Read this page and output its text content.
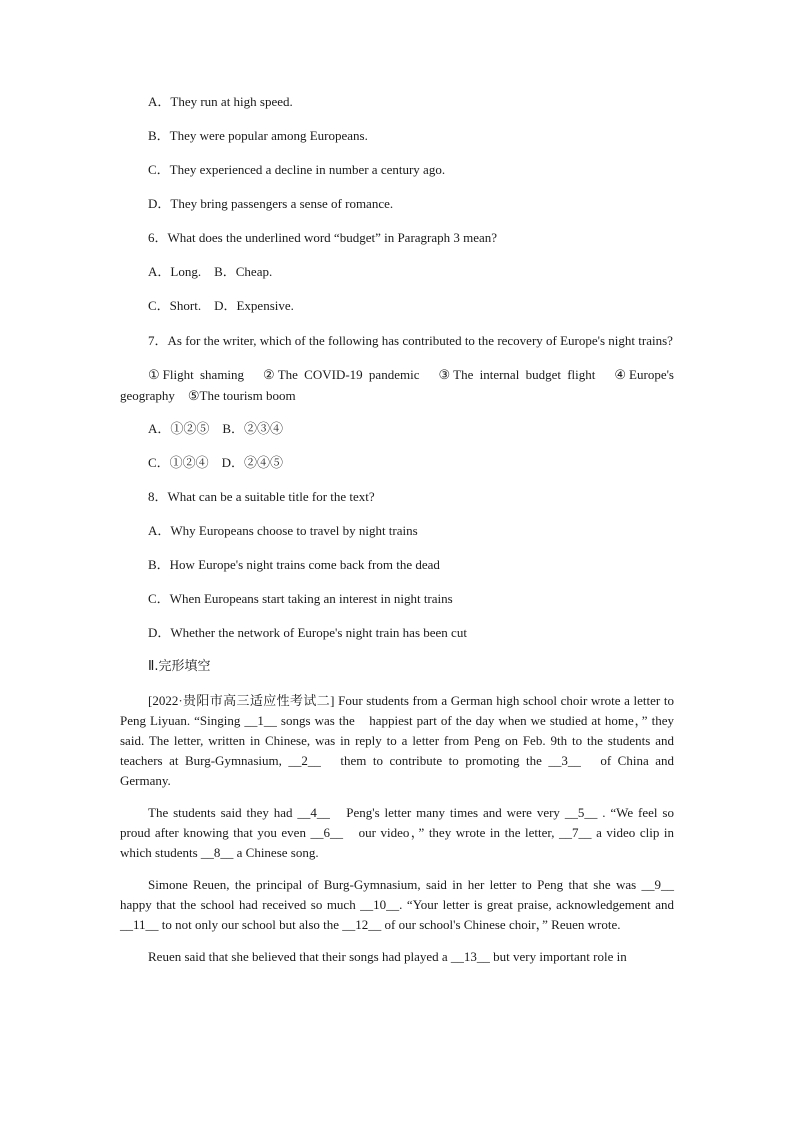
A．They run at high speed.

B．They were popular among Europeans.

C．They experienced a decline in number a century ago.

D．They bring passengers a sense of romance.

6．What does the underlined word “budget” in Paragraph 3 mean?

A．Long.　B．Cheap.

C．Short.　D．Expensive.

7．As for the writer, which of the following has contributed to the recovery of Europe's night trains?

①Flight shaming　②The COVID-19 pandemic　③The internal budget flight　④Europe's geography　⑤The tourism boom

A．①②⑤　B．②③④

C．①②④　D．②④⑤

8．What can be a suitable title for the text?

A．Why Europeans choose to travel by night trains

B．How Europe's night trains come back from the dead

C．When Europeans start taking an interest in night trains

D．Whether the network of Europe's night train has been cut

Ⅱ.完形填空

[2022·贵阳市高三适应性考试二] Four students from a German high school choir wrote a letter to Peng Liyuan. “Singing __1__ songs was the　happiest part of the day when we studied at home，” they said. The letter, written in Chinese, was in reply to a letter from Peng on Feb. 9th to the students and teachers at Burg-Gymnasium, __2__　them to contribute to promoting the __3__　of China and Germany.

The students said they had __4__　Peng's letter many times and were very __5__ . “We feel so proud after knowing that you even __6__　our video，” they wrote in the letter, __7__ a video clip in which students __8__ a Chinese song.

Simone Reuen, the principal of Burg-Gymnasium, said in her letter to Peng that she was __9__ happy that the school had received so much __10__. “Your letter is great praise, acknowledgement and __11__ to not only our school but also the __12__ of our school's Chinese choir，” Reuen wrote.

Reuen said that she believed that their songs had played a __13__ but very important role in
